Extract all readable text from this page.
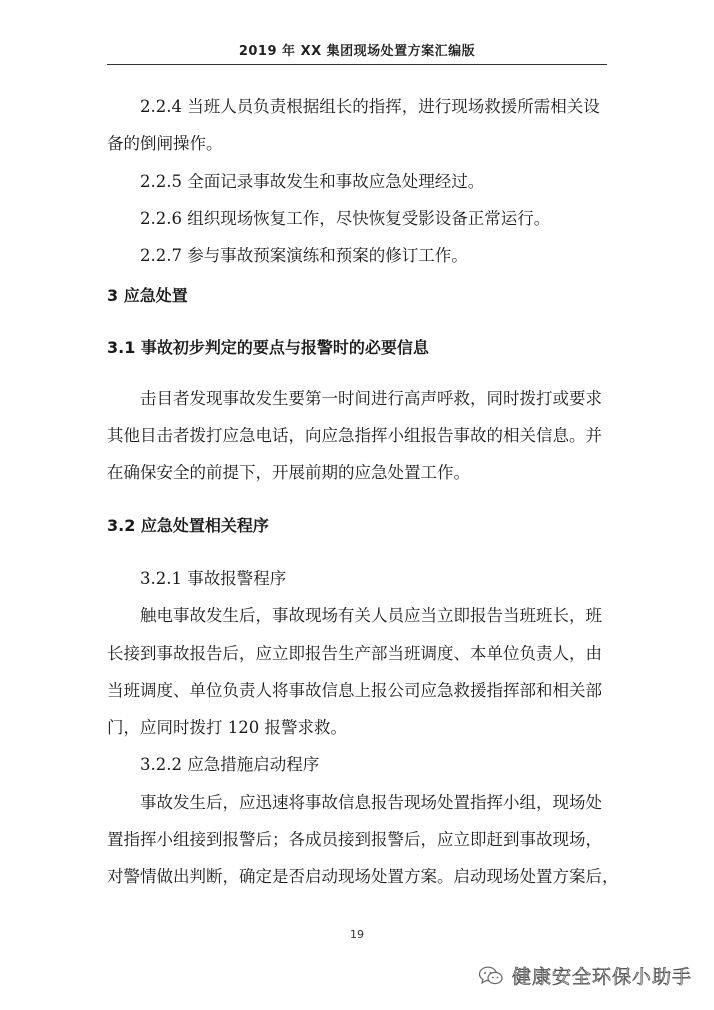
2019 年 XX 集团现场处置方案汇编版
2.2.4 当班人员负责根据组长的指挥，进行现场救援所需相关设
备的倒闸操作。
2.2.5 全面记录事故发生和事故应急处理经过。
2.2.6 组织现场恢复工作，尽快恢复受影设备正常运行。
2.2.7 参与事故预案演练和预案的修订工作。
3 应急处置
3.1 事故初步判定的要点与报警时的必要信息
击目者发现事故发生要第一时间进行高声呼救，同时拨打或要求
其他目击者拨打应急电话，向应急指挥小组报告事故的相关信息。并
在确保安全的前提下，开展前期的应急处置工作。
3.2 应急处置相关程序
3.2.1 事故报警程序
触电事故发生后，事故现场有关人员应当立即报告当班班长，班
长接到事故报告后，应立即报告生产部当班调度、本单位负责人，由
当班调度、单位负责人将事故信息上报公司应急救援指挥部和相关部
门，应同时拨打 120 报警求救。
3.2.2 应急措施启动程序
事故发生后，应迅速将事故信息报告现场处置指挥小组，现场处
置指挥小组接到报警后；各成员接到报警后，应立即赶到事故现场，
对警情做出判断，确定是否启动现场处置方案。启动现场处置方案后，
19
健康安全环保小助手
